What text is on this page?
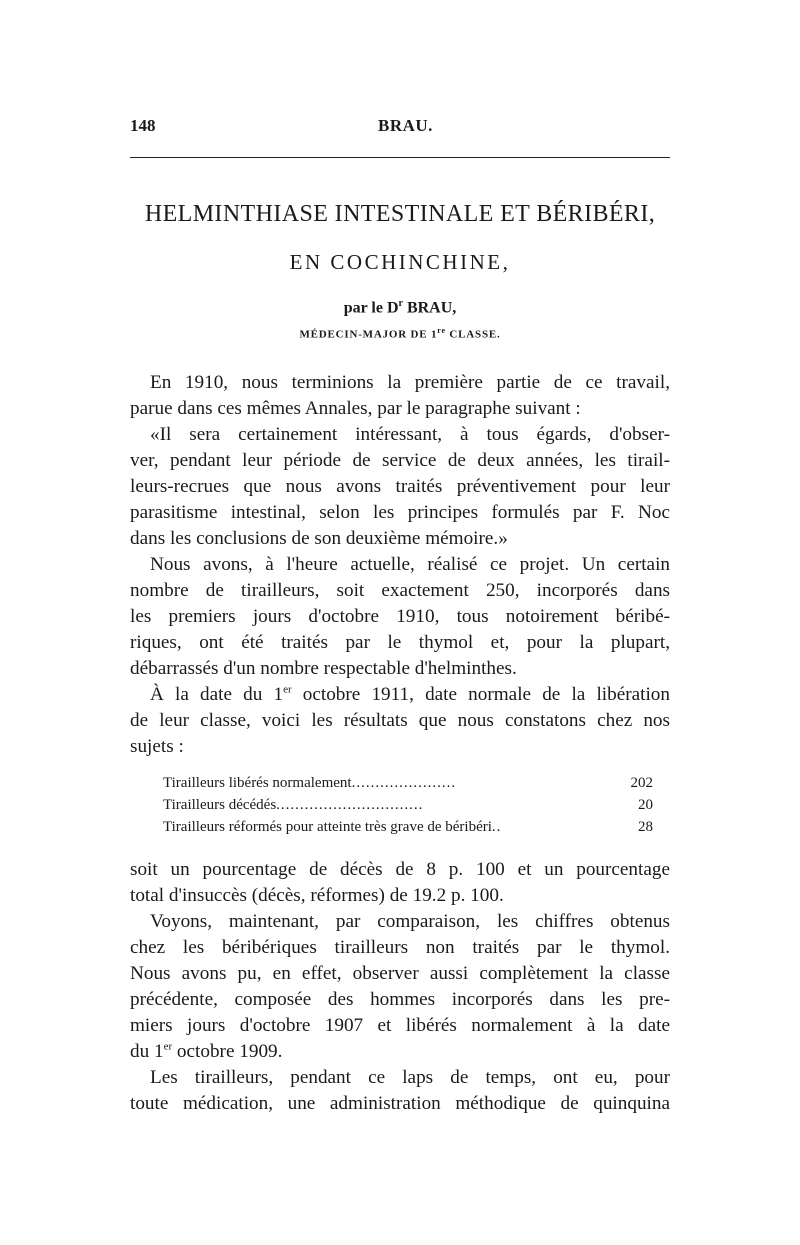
148	BRAU.
HELMINTHIASE INTESTINALE ET BÉRIBÉRI,
EN COCHINCHINE,
par le $D^r$ BRAU,
MÉDECIN-MAJOR DE 1re CLASSE.
En 1910, nous terminions la première partie de ce travail,
parue dans ces mêmes Annales, par le paragraphe suivant :
«Il sera certainement intéressant, à tous égards, d'obser-
ver, pendant leur période de service de deux années, les tirail-
leurs-recrues que nous avons traités préventivement pour leur
parasitisme intestinal, selon les principes formulés par F. Noc
dans les conclusions de son deuxième mémoire.»
Nous avons, à l'heure actuelle, réalisé ce projet. Un certain
nombre de tirailleurs, soit exactement 250, incorporés dans
les premiers jours d'octobre 1910, tous notoirement béribé-
riques, ont été traités par le thymol et, pour la plupart,
débarrassés d'un nombre respectable d'helminthes.
À la date du 1er octobre 1911, date normale de la libération
de leur classe, voici les résultats que nous constatons chez nos
sujets :
Tirailleurs libérés normalement......................	202
Tirailleurs décédés...............................	20
Tirailleurs réformés pour atteinte très grave de béribéri..	28
soit un pourcentage de décès de 8 p. 100 et un pourcentage
total d'insuccès (décès, réformes) de 19.2 p. 100.
Voyons, maintenant, par comparaison, les chiffres obtenus
chez les béribériques tirailleurs non traités par le thymol.
Nous avons pu, en effet, observer aussi complètement la classe
précédente, composée des hommes incorporés dans les pre-
miers jours d'octobre 1907 et libérés normalement à la date
du 1er octobre 1909.
Les tirailleurs, pendant ce laps de temps, ont eu, pour
toute médication, une administration méthodique de quinquina
